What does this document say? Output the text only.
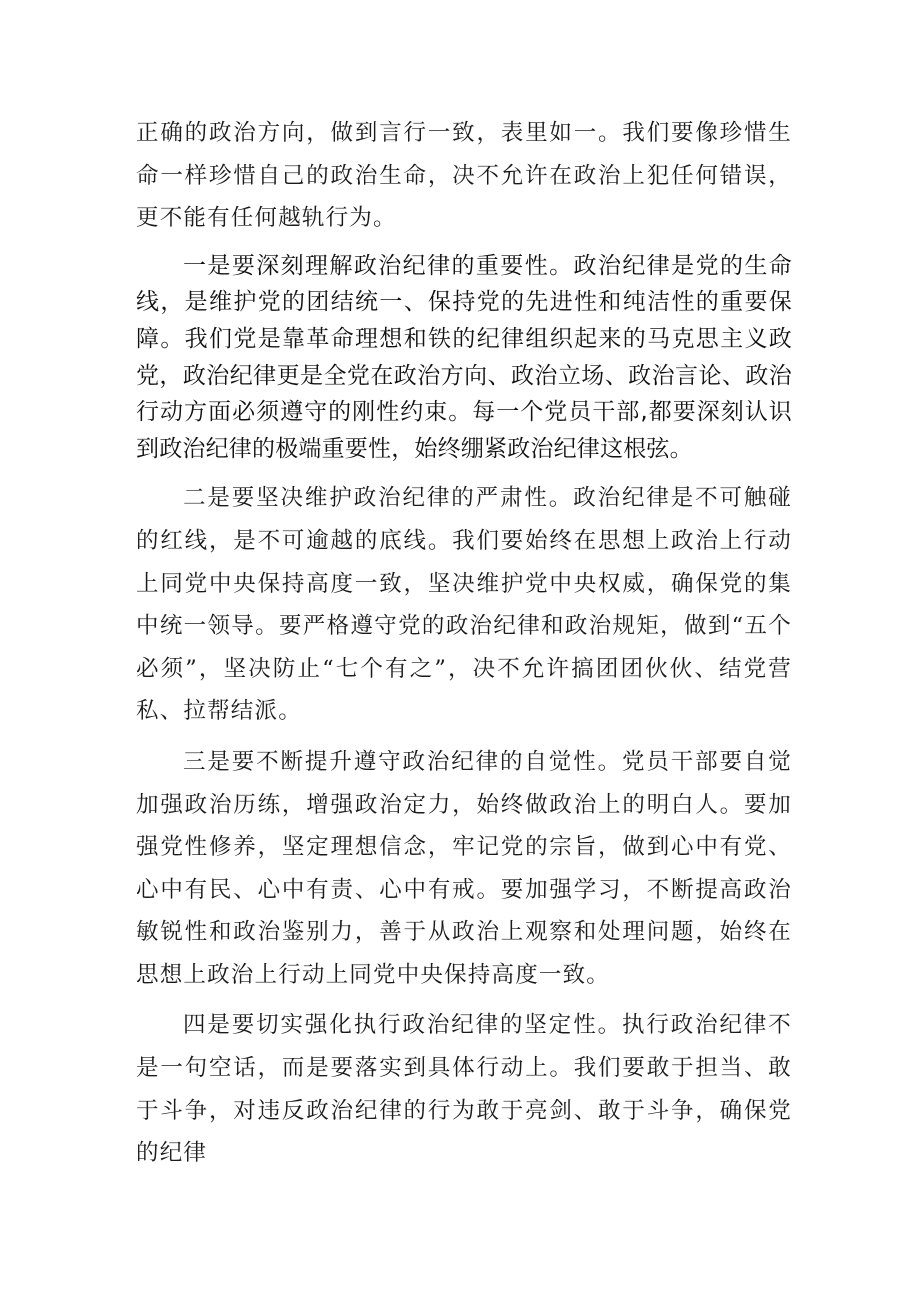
正确的政治方向，做到言行一致，表里如一。我们要像珍惜生命一样珍惜自己的政治生命，决不允许在政治上犯任何错误，更不能有任何越轨行为。

一是要深刻理解政治纪律的重要性。政治纪律是党的生命线，是维护党的团结统一、保持党的先进性和纯洁性的重要保障。我们党是靠革命理想和铁的纪律组织起来的马克思主义政党，政治纪律更是全党在政治方向、政治立场、政治言论、政治行动方面必须遵守的刚性约束。每一个党员干部,都要深刻认识到政治纪律的极端重要性，始终绷紧政治纪律这根弦。

二是要坚决维护政治纪律的严肃性。政治纪律是不可触碰的红线，是不可逾越的底线。我们要始终在思想上政治上行动上同党中央保持高度一致，坚决维护党中央权威，确保党的集中统一领导。要严格遵守党的政治纪律和政治规矩，做到“五个必须”，坚决防止“七个有之”，决不允许搞团团伙伙、结党营私、拉帮结派。

三是要不断提升遵守政治纪律的自觉性。党员干部要自觉加强政治历练，增强政治定力，始终做政治上的明白人。要加强党性修养，坚定理想信念，牢记党的宗旨，做到心中有党、心中有民、心中有责、心中有戒。要加强学习，不断提高政治敏锐性和政治鉴别力，善于从政治上观察和处理问题，始终在思想上政治上行动上同党中央保持高度一致。

四是要切实强化执行政治纪律的坚定性。执行政治纪律不是一句空话，而是要落实到具体行动上。我们要敢于担当、敢于斗争，对违反政治纪律的行为敢于亮剑、敢于斗争，确保党的纪律
